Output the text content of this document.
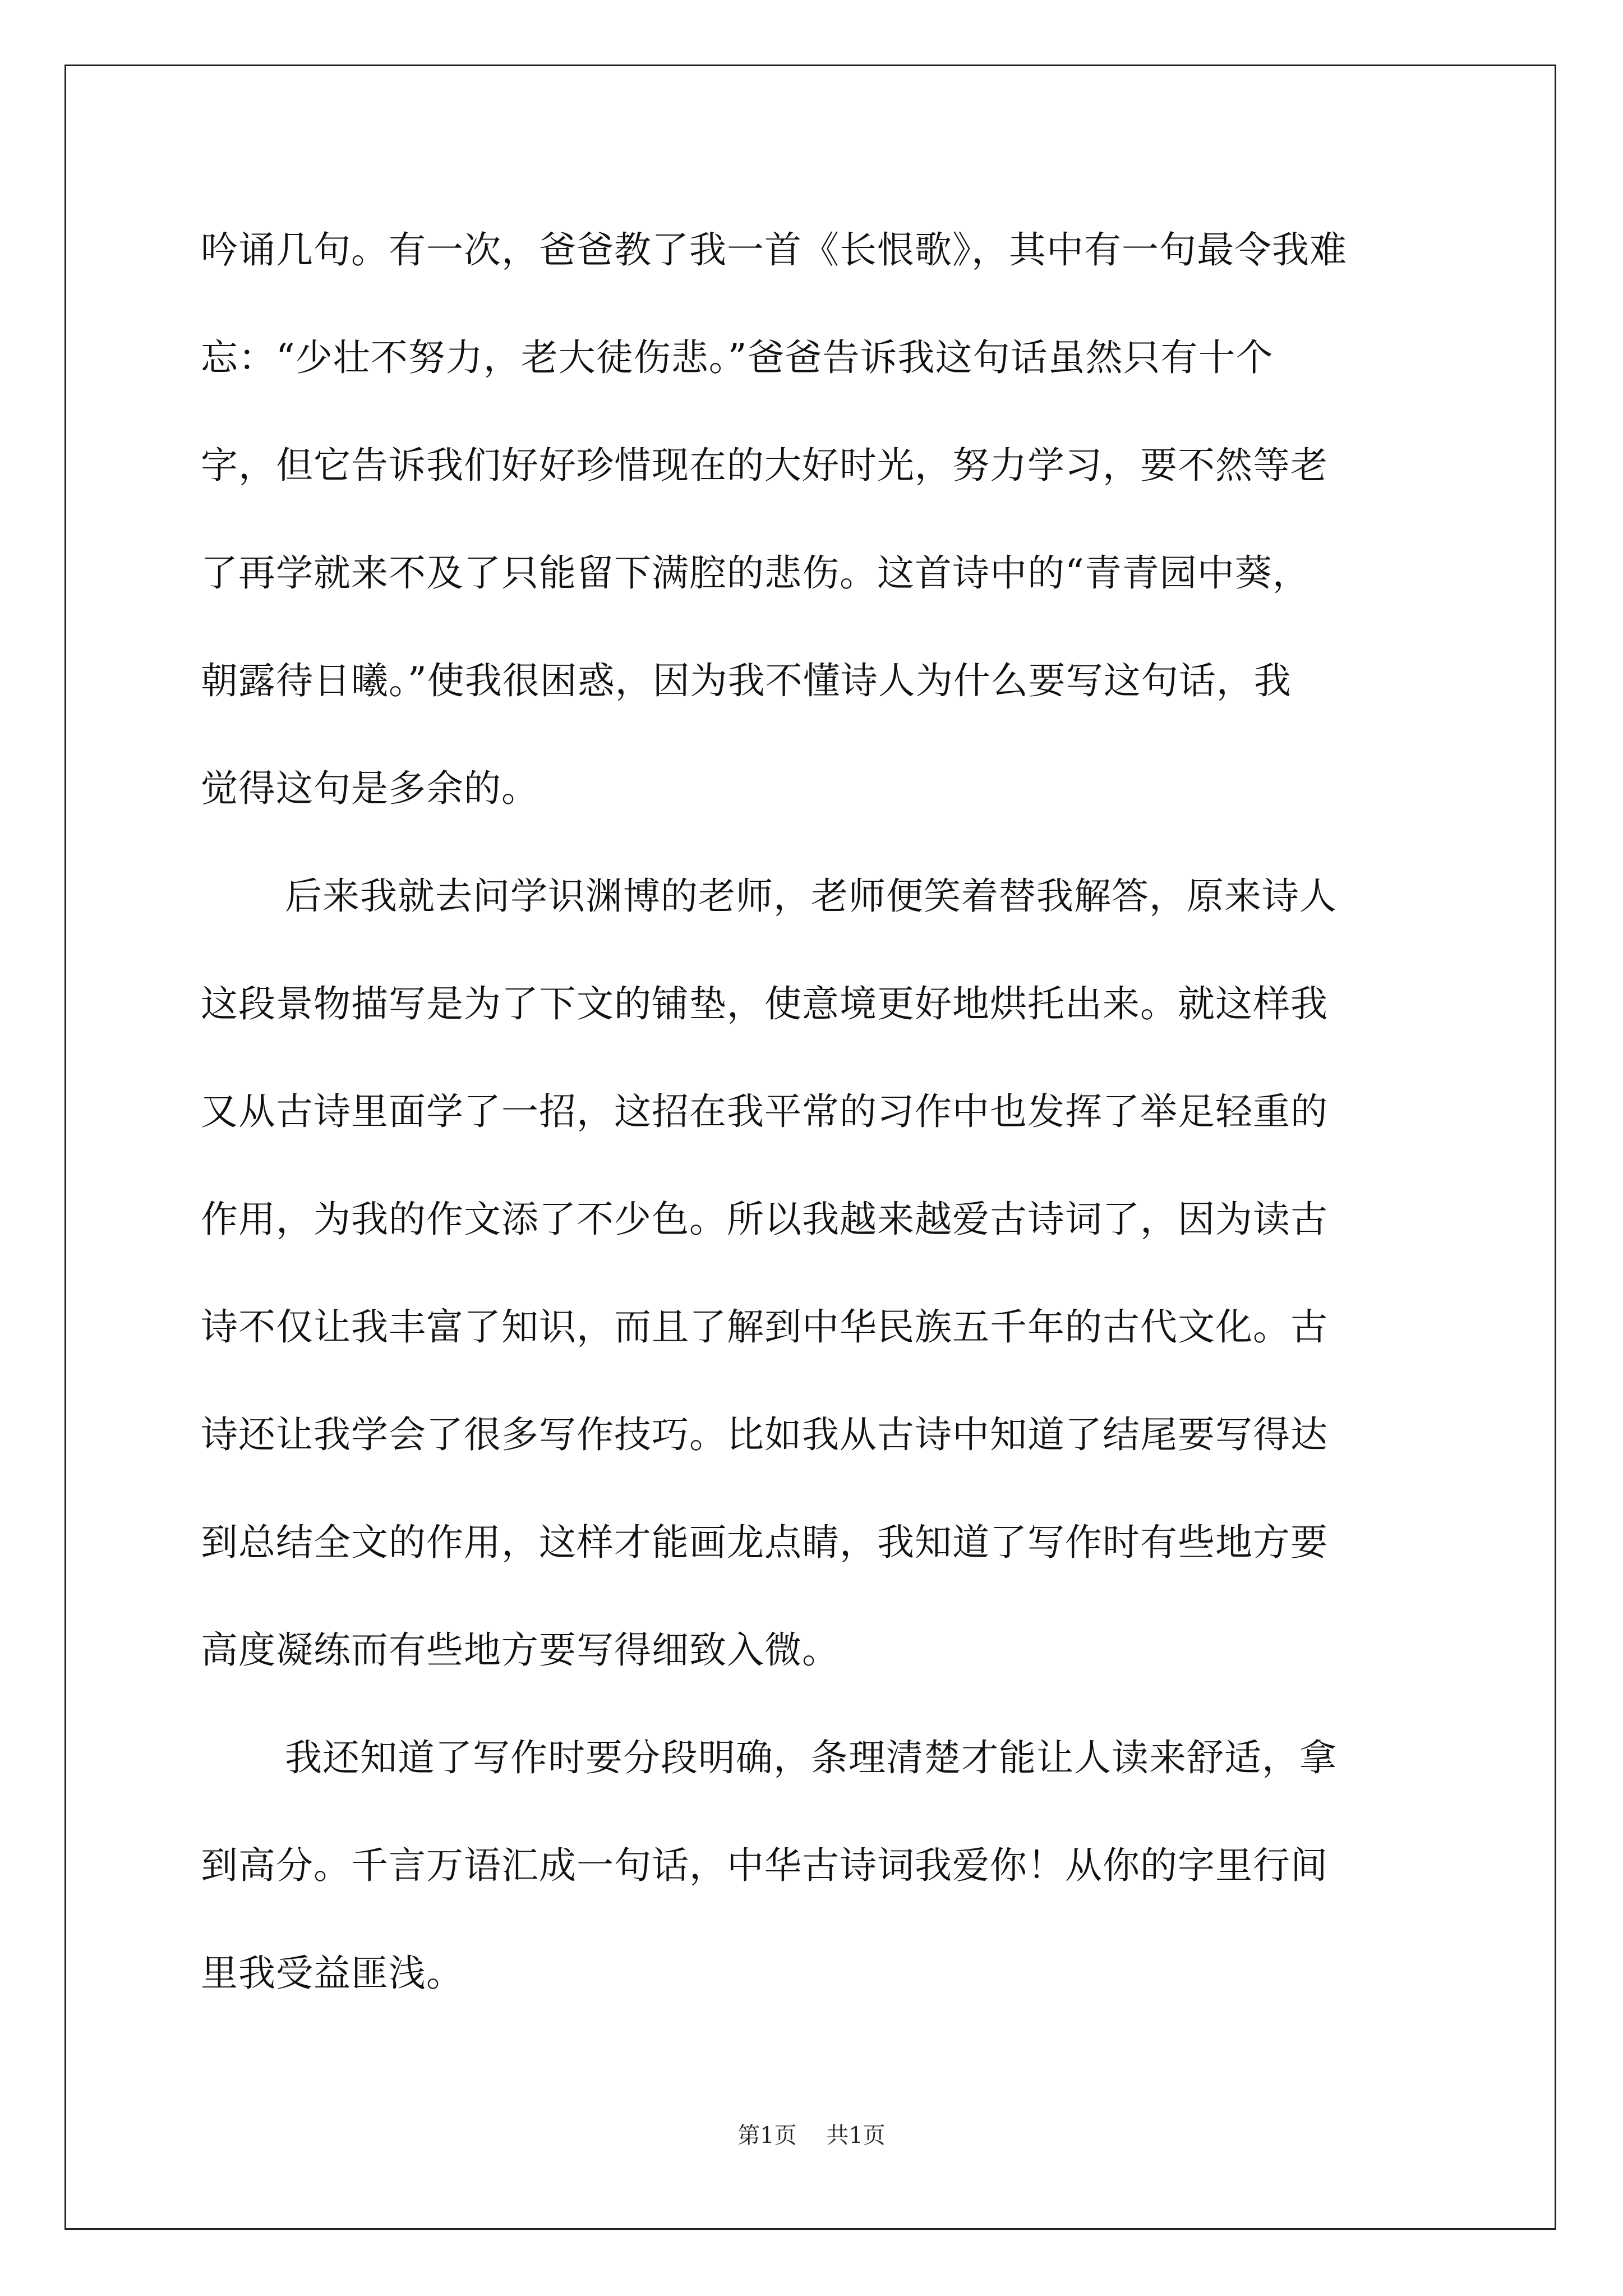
吟诵几句。有一次，爸爸教了我一首《长恨歌》，其中有一句最令我难
忘：“少壮不努力，老大徒伤悲。”爸爸告诉我这句话虽然只有十个
字，但它告诉我们好好珍惜现在的大好时光，努力学习，要不然等老
了再学就来不及了只能留下满腔的悲伤。这首诗中的“青青园中葵，
朝露待日曦。”使我很困惑，因为我不懂诗人为什么要写这句话，我
觉得这句是多余的。
后来我就去问学识渊博的老师，老师便笑着替我解答，原来诗人
这段景物描写是为了下文的铺垫，使意境更好地烘托出来。就这样我
又从古诗里面学了一招，这招在我平常的习作中也发挥了举足轻重的
作用，为我的作文添了不少色。所以我越来越爱古诗词了，因为读古
诗不仅让我丰富了知识，而且了解到中华民族五千年的古代文化。古
诗还让我学会了很多写作技巧。比如我从古诗中知道了结尾要写得达
到总结全文的作用，这样才能画龙点睛，我知道了写作时有些地方要
高度凝练而有些地方要写得细致入微。
我还知道了写作时要分段明确，条理清楚才能让人读来舒适，拿
到高分。千言万语汇成一句话，中华古诗词我爱你！从你的字里行间
里我受益匪浅。
第1页 共1页
